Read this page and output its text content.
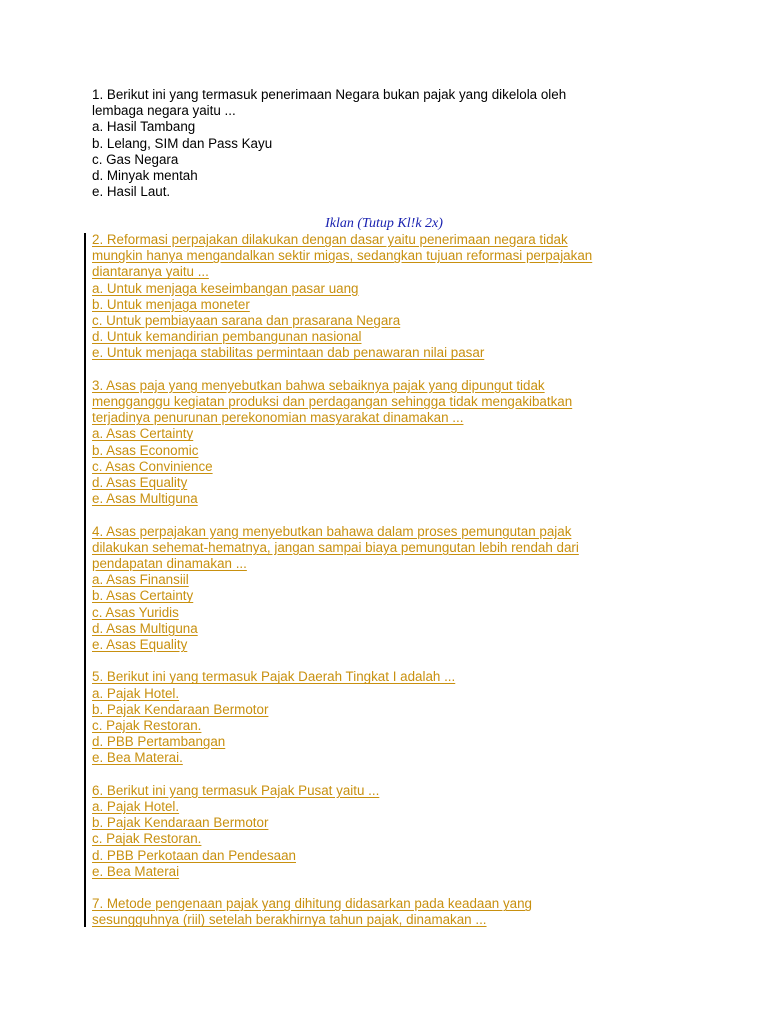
1. Berikut ini yang termasuk penerimaan Negara bukan pajak yang dikelola oleh
lembaga negara yaitu ...
a. Hasil Tambang
b. Lelang, SIM dan Pass Kayu
c. Gas Negara
d. Minyak mentah
e. Hasil Laut.
Iklan (Tutup Kl!k 2x)
2. Reformasi perpajakan dilakukan dengan dasar yaitu penerimaan negara tidak
mungkin hanya mengandalkan sektir migas, sedangkan tujuan reformasi perpajakan
diantaranya yaitu ...
a. Untuk menjaga keseimbangan pasar uang
b. Untuk menjaga moneter
c. Untuk pembiayaan sarana dan prasarana Negara
d. Untuk kemandirian pembangunan nasional
e. Untuk menjaga stabilitas permintaan dab penawaran nilai pasar
3. Asas paja yang menyebutkan bahwa sebaiknya pajak yang dipungut tidak
mengganggu kegiatan produksi dan perdagangan sehingga tidak mengakibatkan
terjadinya penurunan perekonomian masyarakat dinamakan ...
a. Asas Certainty
b. Asas Economic
c. Asas Convinience
d. Asas Equality
e. Asas Multiguna
4. Asas perpajakan yang menyebutkan bahawa dalam proses pemungutan pajak
dilakukan sehemat-hematnya, jangan sampai biaya pemungutan lebih rendah dari
pendapatan dinamakan ...
a. Asas Finansiil
b. Asas Certainty
c. Asas Yuridis
d. Asas Multiguna
e. Asas Equality
5. Berikut ini yang termasuk Pajak Daerah Tingkat I adalah ...
a. Pajak Hotel.
b. Pajak Kendaraan Bermotor
c. Pajak Restoran.
d. PBB Pertambangan
e. Bea Materai.
6. Berikut ini yang termasuk Pajak Pusat yaitu ...
a. Pajak Hotel.
b. Pajak Kendaraan Bermotor
c. Pajak Restoran.
d. PBB Perkotaan dan Pendesaan
e. Bea Materai
7. Metode pengenaan pajak yang dihitung didasarkan pada keadaan yang
sesungguhnya (riil) setelah berakhirnya tahun pajak, dinamakan ...
